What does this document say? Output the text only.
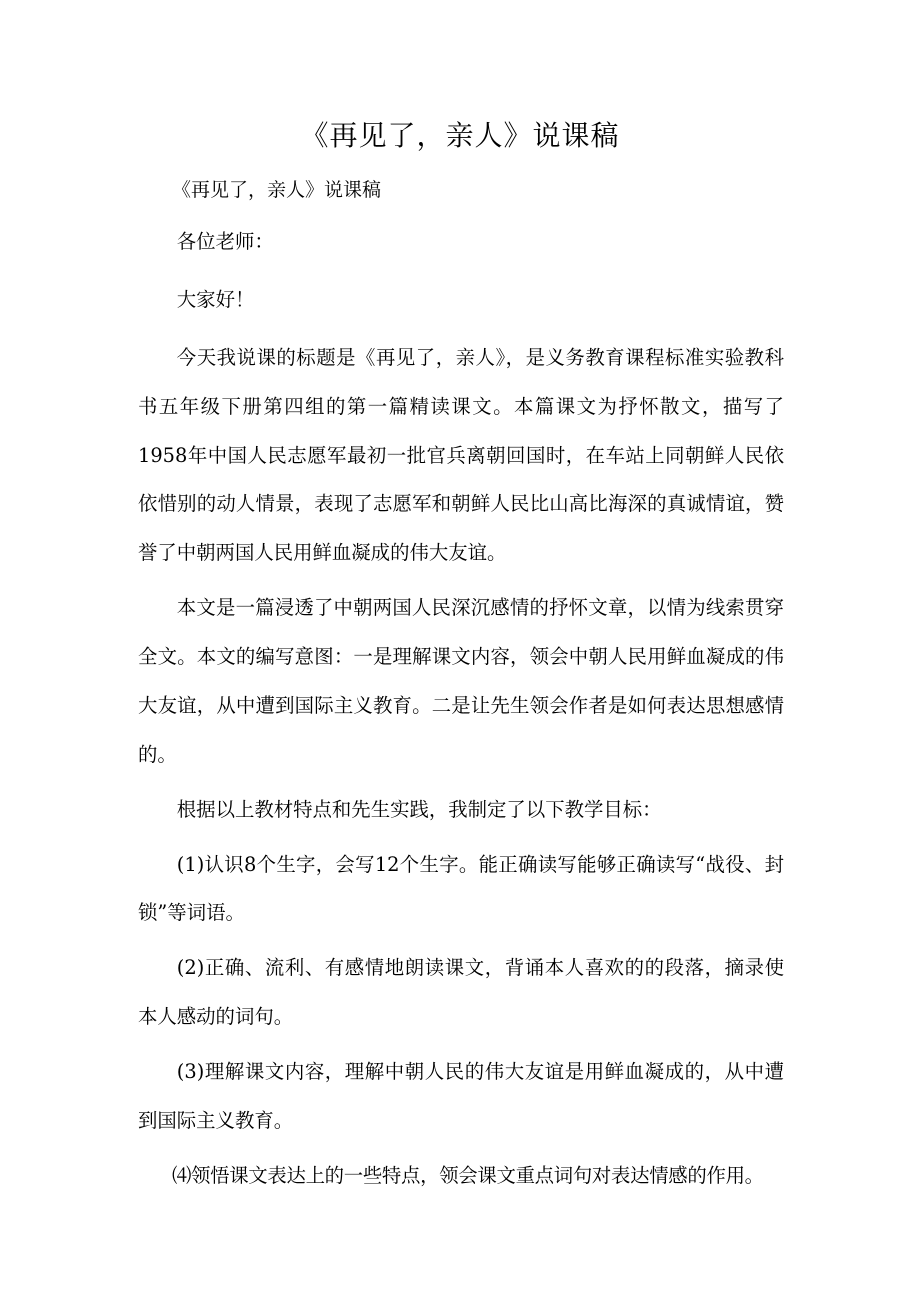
《再见了，亲人》说课稿

《再见了，亲人》说课稿

各位老师：

大家好！

今天我说课的标题是《再见了，亲人》，是义务教育课程标准实验教科书五年级下册第四组的第一篇精读课文。本篇课文为抒怀散文，描写了1958年中国人民志愿军最初一批官兵离朝回国时，在车站上同朝鲜人民依依惜别的动人情景，表现了志愿军和朝鲜人民比山高比海深的真诚情谊，赞誉了中朝两国人民用鲜血凝成的伟大友谊。

本文是一篇浸透了中朝两国人民深沉感情的抒怀文章，以情为线索贯穿全文。本文的编写意图：一是理解课文内容，领会中朝人民用鲜血凝成的伟大友谊，从中遭到国际主义教育。二是让先生领会作者是如何表达思想感情的。

根据以上教材特点和先生实践，我制定了以下教学目标：

(1)认识8个生字，会写12个生字。能正确读写能够正确读写“战役、封锁”等词语。

(2)正确、流利、有感情地朗读课文，背诵本人喜欢的的段落，摘录使本人感动的词句。

(3)理解课文内容，理解中朝人民的伟大友谊是用鲜血凝成的，从中遭到国际主义教育。

⑷领悟课文表达上的一些特点，领会课文重点词句对表达情感的作用。
